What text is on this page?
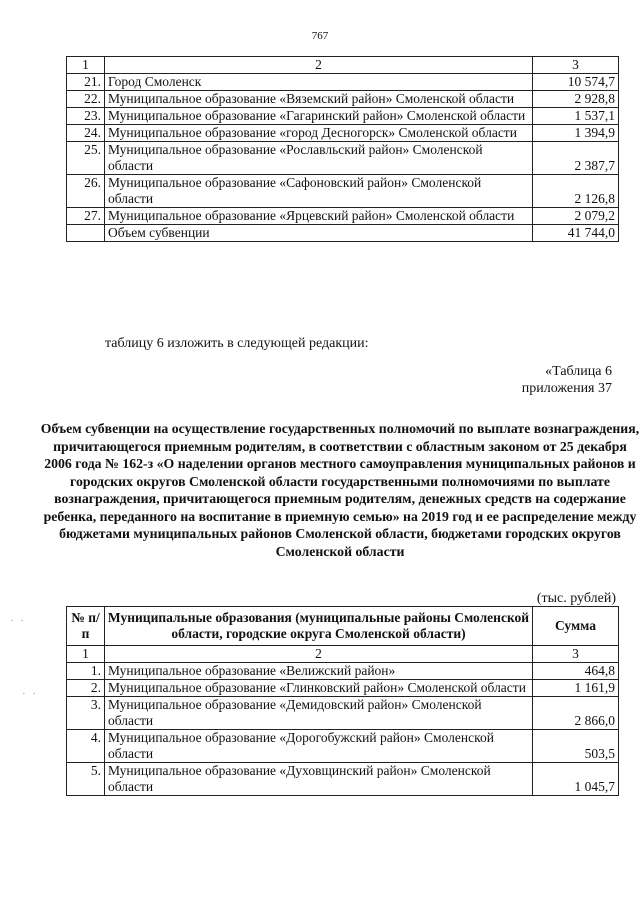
767
1	2	3
21.	Город Смоленск	10 574,7
22.	Муниципальное образование «Вяземский район» Смоленской области	2 928,8
23.	Муниципальное образование «Гагаринский район» Смоленской области	1 537,1
24.	Муниципальное образование «город Десногорск» Смоленской области	1 394,9
25.	Муниципальное образование «Рославльский район» Смоленской области	2 387,7
26.	Муниципальное образование «Сафоновский район» Смоленской области	2 126,8
27.	Муниципальное образование «Ярцевский район» Смоленской области	2 079,2
	Объем субвенции	41 744,0
таблицу 6 изложить в следующей редакции:
«Таблица 6
приложения 37
Объем субвенции на осуществление государственных полномочий по выплате вознаграждения, причитающегося приемным родителям, в соответствии с областным законом от 25 декабря 2006 года № 162-з «О наделении органов местного самоуправления муниципальных районов и городских округов Смоленской области государственными полномочиями по выплате вознаграждения, причитающегося приемным родителям, денежных средств на содержание ребенка, переданного на воспитание в приемную семью» на 2019 год и ее распределение между бюджетами муниципальных районов Смоленской области, бюджетами городских округов Смоленской области
(тыс. рублей)
№ п/п	Муниципальные образования (муниципальные районы Смоленской области, городские округа Смоленской области)	Сумма
1	2	3
1.	Муниципальное образование «Велижский район»	464,8
2.	Муниципальное образование «Глинковский район» Смоленской области	1 161,9
3.	Муниципальное образование «Демидовский район» Смоленской области	2 866,0
4.	Муниципальное образование «Дорогобужский район» Смоленской области	503,5
5.	Муниципальное образование «Духовщинский район» Смоленской области	1 045,7
· ·
· ·
